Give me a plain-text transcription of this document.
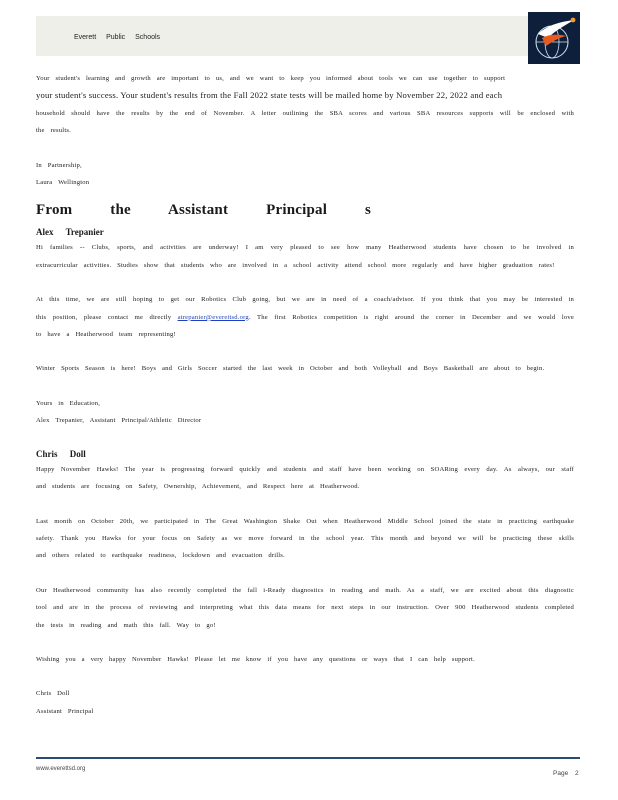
Everett Public Schools

Your student's learning and growth are important to us, and we want to keep you informed about tools we can use together to support

your student's success. Your student's results from the Fall 2022 state tests will be mailed home by November 22, 2022 and each

household should have the results by the end of November. A letter outlining the SBA scores and various SBA resources supports will be enclosed with the results.

In Partnership,

Laura Wellington

From the Assistant Principal s
Alex Trepanier

Hi families -- Clubs, sports, and activities are underway! I am very pleased to see how many Heatherwood students have chosen to be involved in extracurricular activities. Studies show that students who are involved in a school activity attend school more regularly and have higher graduation rates!

At this time, we are still hoping to get our Robotics Club going, but we are in need of a coach/advisor. If you think that you may be interested in this position, please contact me directly atrepanier@everettsd.org. The first Robotics competition is right around the corner in December and we would love to have a Heatherwood team representing!

Winter Sports Season is here! Boys and Girls Soccer started the last week in October and both Volleyball and Boys Basketball are about to begin.

Yours in Education,

Alex Trepanier, Assistant Principal/Athletic Director

Chris Doll

Happy November Hawks! The year is progressing forward quickly and students and staff have been working on SOARing every day. As always, our staff and students are focusing on Safety, Ownership, Achievement, and Respect here at Heatherwood.

Last month on October 20th, we participated in The Great Washington Shake Out when Heatherwood Middle School joined the state in practicing earthquake safety. Thank you Hawks for your focus on Safety as we move forward in the school year. This month and beyond we will be practicing these skills and others related to earthquake readiness, lockdown and evacuation drills.

Our Heatherwood community has also recently completed the fall i-Ready diagnostics in reading and math. As a staff, we are excited about this diagnostic tool and are in the process of reviewing and interpreting what this data means for next steps in our instruction. Over 900 Heatherwood students completed the tests in reading and math this fall. Way to go!

Wishing you a very happy November Hawks! Please let me know if you have any questions or ways that I can help support.

Chris Doll

Assistant Principal

www.everettsd.org
Page 2
